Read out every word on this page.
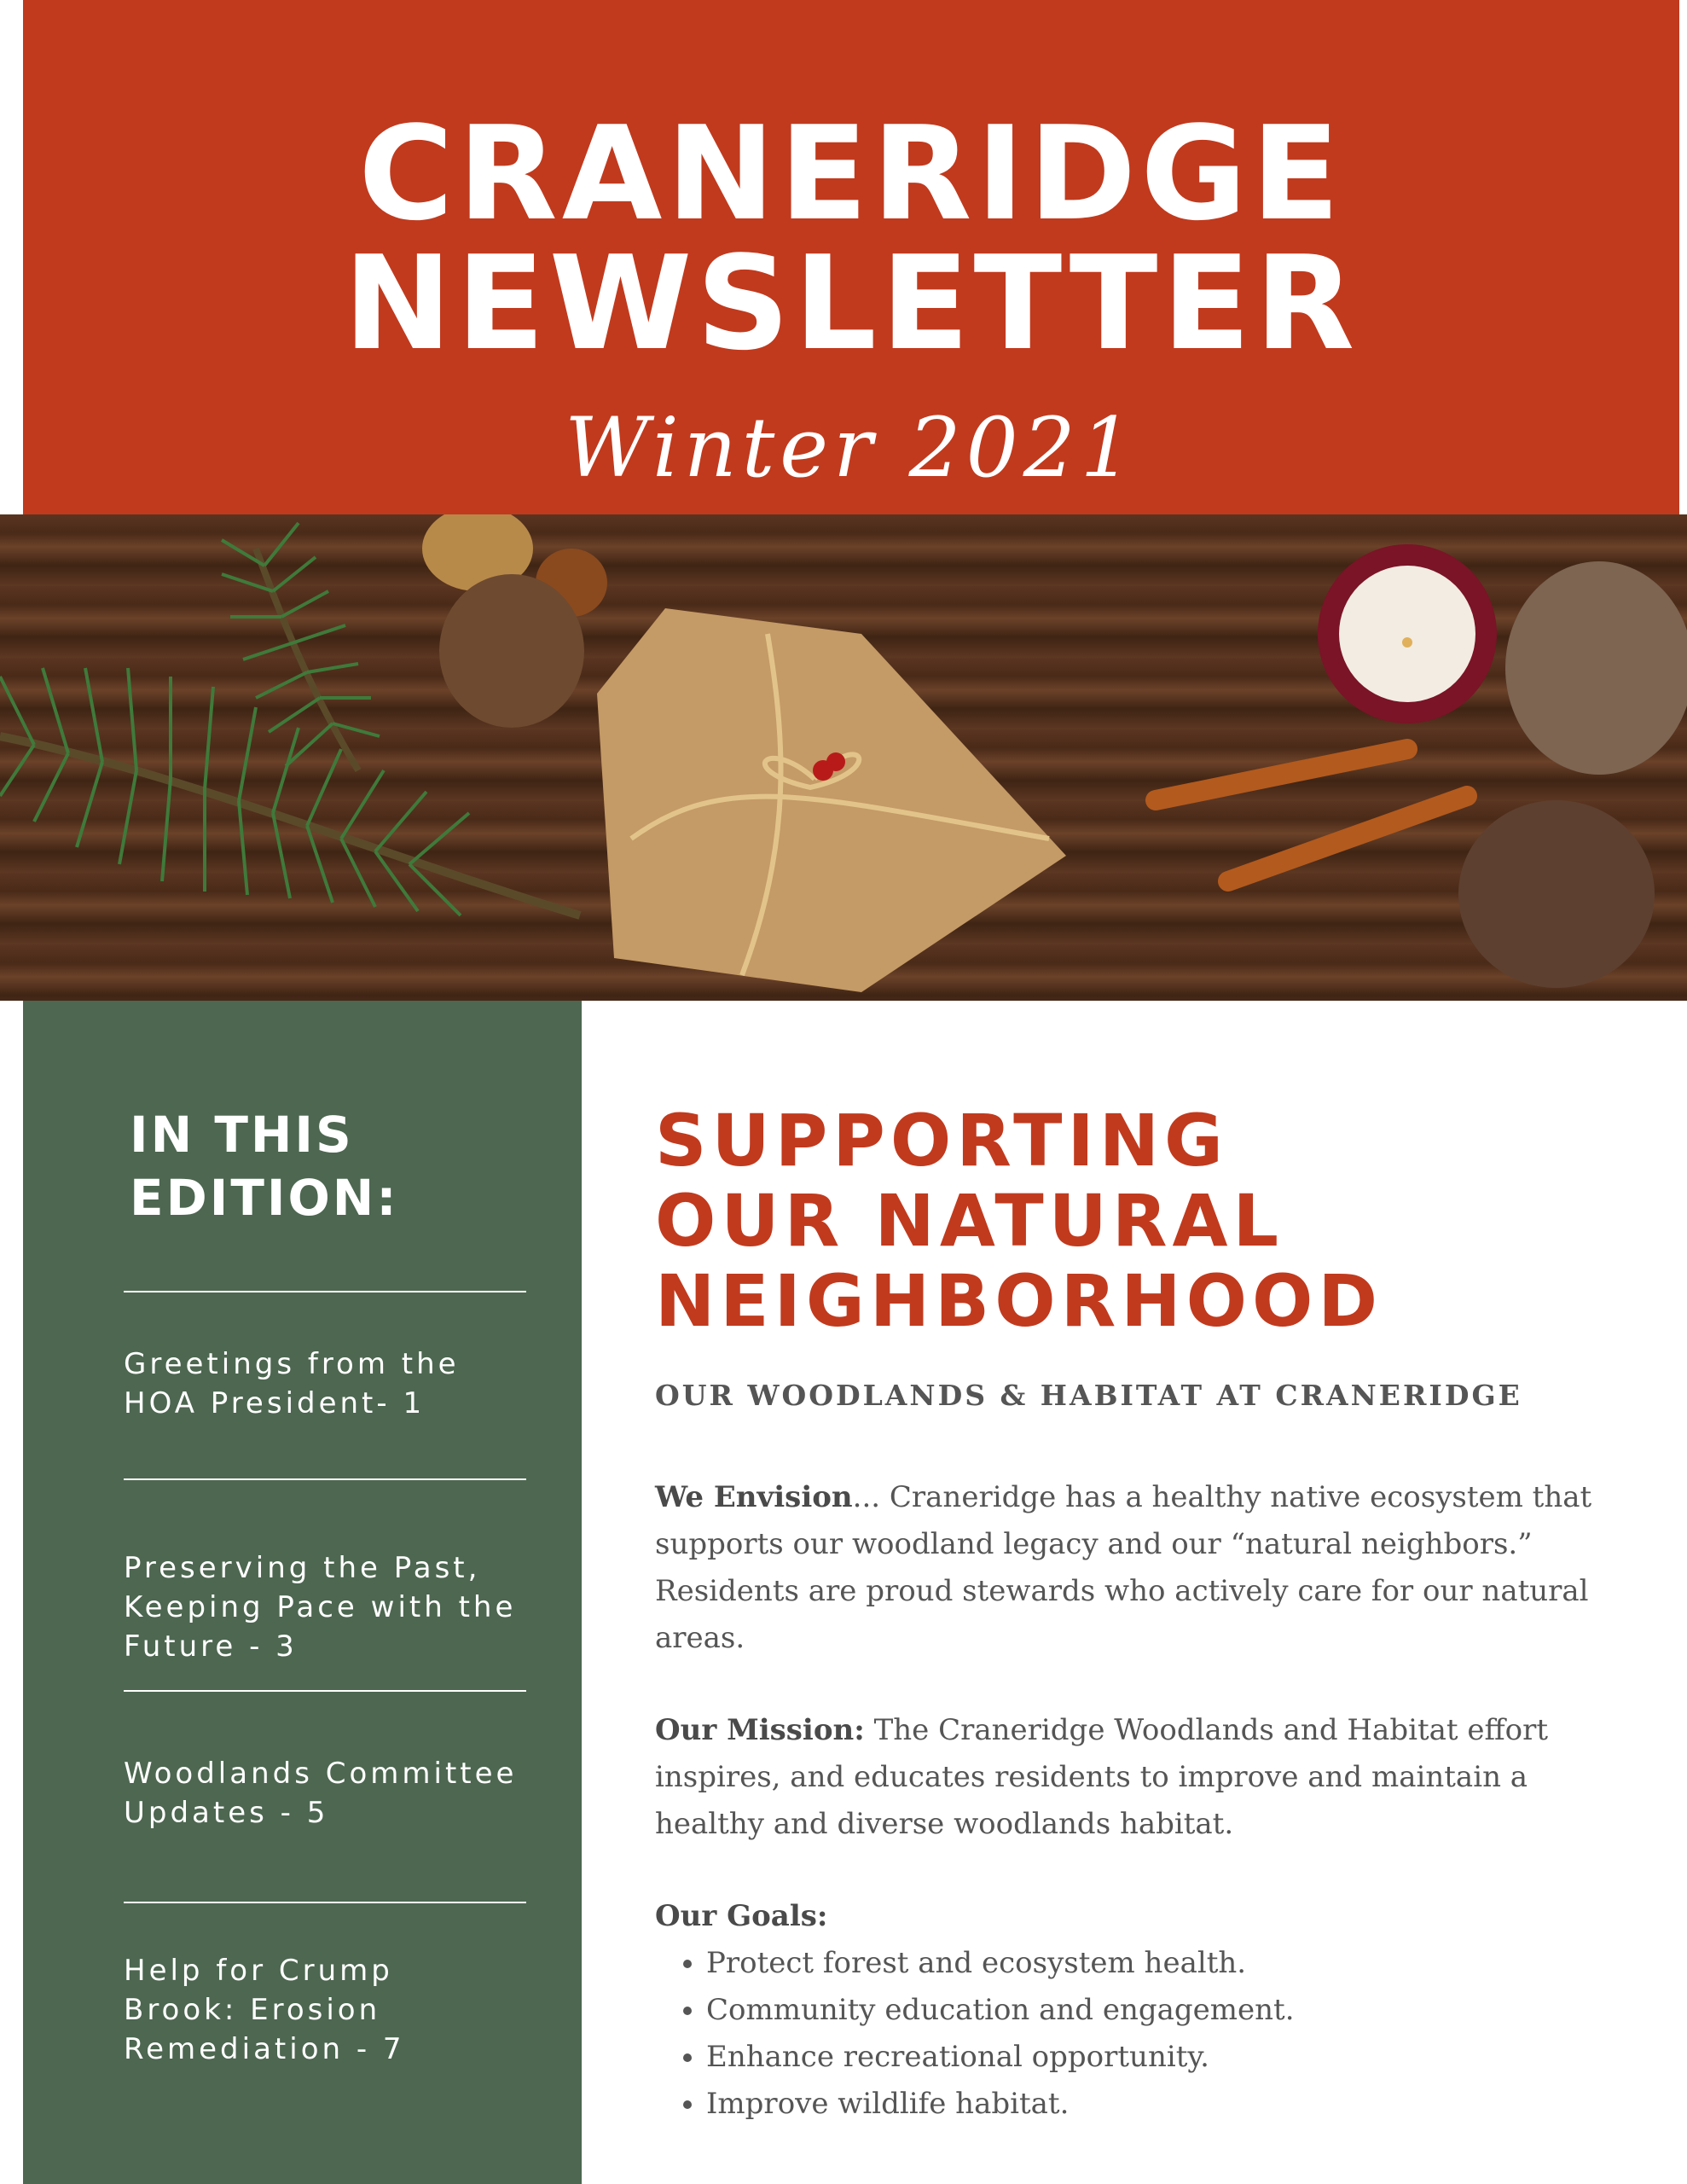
CRANERIDGE
NEWSLETTER
Winter 2021
IN THIS
EDITION:
Greetings from the
HOA President- 1
Preserving the Past,
Keeping Pace with the
Future - 3
Woodlands Committee
Updates - 5
Help for Crump
Brook: Erosion
Remediation - 7
SUPPORTING
OUR NATURAL
NEIGHBORHOOD
OUR WOODLANDS & HABITAT AT CRANERIDGE

We Envision... Craneridge has a healthy native ecosystem that supports our woodland legacy and our “natural neighbors.” Residents are proud stewards who actively care for our natural areas.

Our Mission: The Craneridge Woodlands and Habitat effort inspires, and educates residents to improve and maintain a healthy and diverse woodlands habitat.

Our Goals:

• Protect forest and ecosystem health.
• Community education and engagement.
• Enhance recreational opportunity.
• Improve wildlife habitat.
